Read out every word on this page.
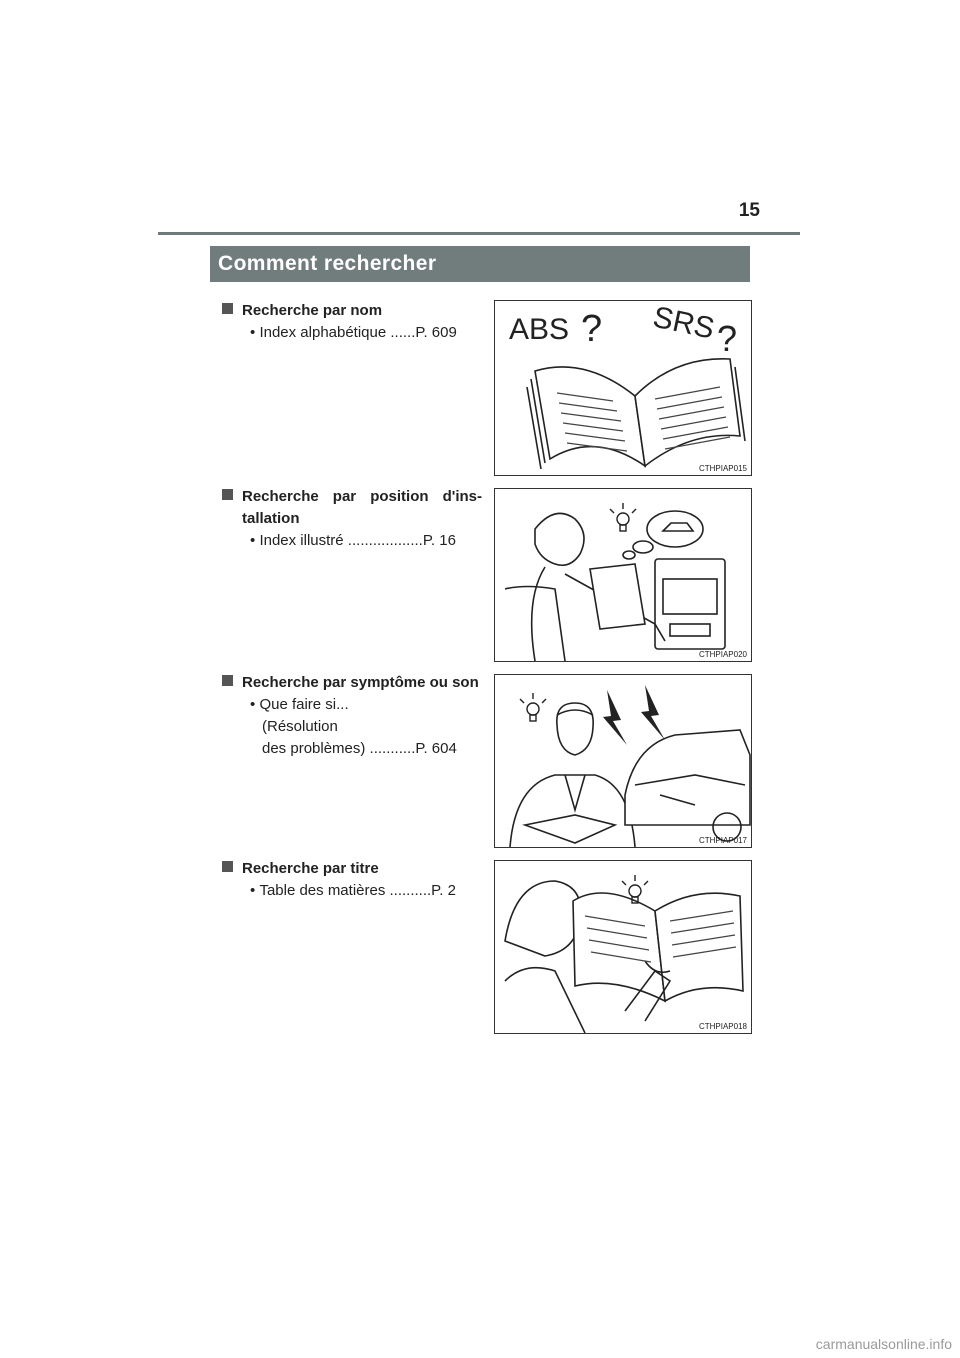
15
Comment rechercher
Recherche par nom
• Index alphabétique ......P. 609
Recherche par position d'ins-tallation
• Index illustré ..................P. 16
Recherche par symptôme ou son
• Que faire si...
(Résolution
des problèmes) ...........P. 604
Recherche par titre
• Table des matières ..........P. 2
ABS ? SRS ?
CTHPIAP015
CTHPIAP020
CTHPIAP017
CTHPIAP018
carmanualsonline.info
